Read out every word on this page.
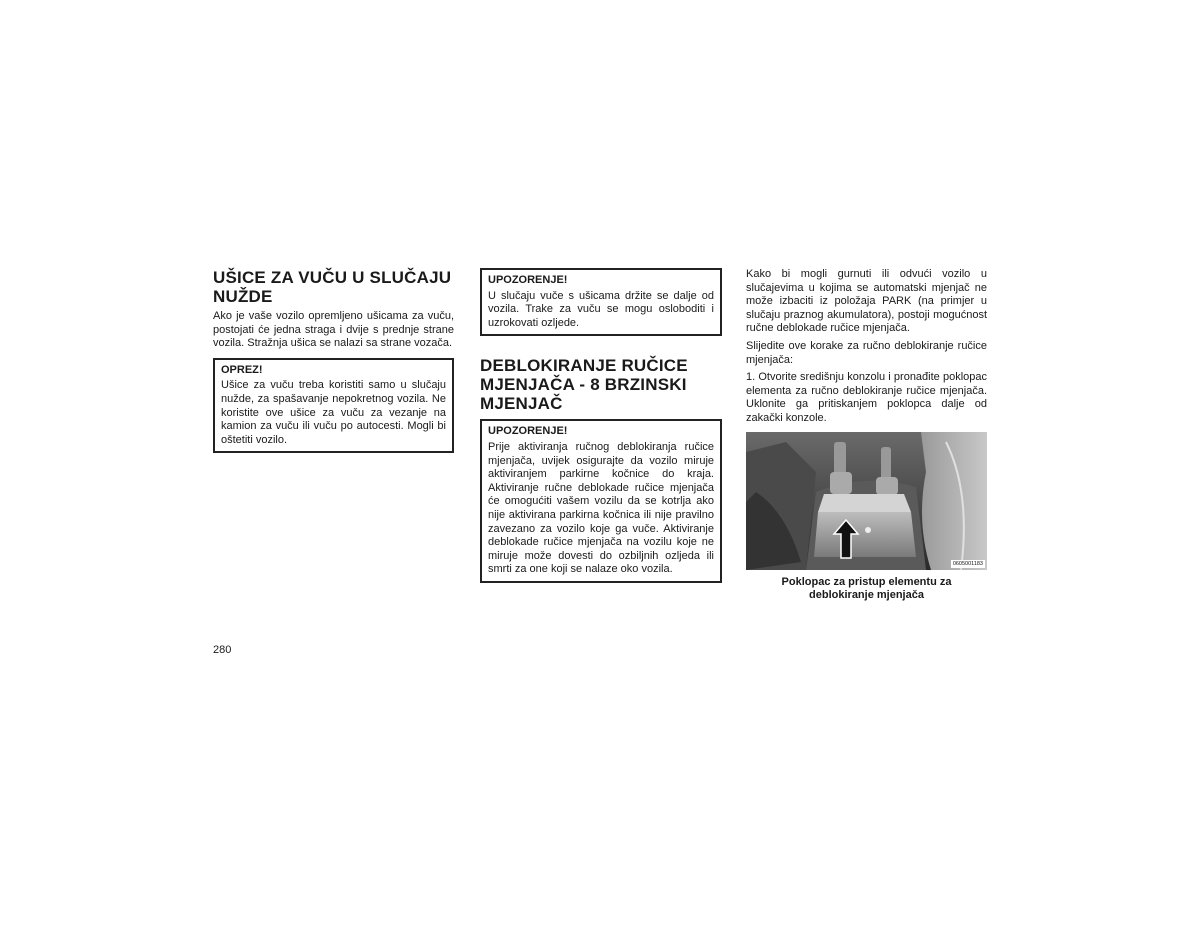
UŠICE ZA VUČU U SLUČAJU NUŽDE

Ako je vaše vozilo opremljeno ušicama za vuču, postojati će jedna straga i dvije s prednje strane vozila. Stražnja ušica se nalazi sa strane vozača.

OPREZ!

Ušice za vuču treba koristiti samo u slučaju nužde, za spašavanje nepokretnog vozila. Ne koristite ove ušice za vuču za vezanje na kamion za vuču ili vuču po autocesti. Mogli bi oštetiti vozilo.

UPOZORENJE!

U slučaju vuče s ušicama držite se dalje od vozila. Trake za vuču se mogu osloboditi i uzrokovati ozljede.

DEBLOKIRANJE RUČICE MJENJAČA - 8 BRZINSKI MJENJAČ
UPOZORENJE!

Prije aktiviranja ručnog deblokiranja ručice mjenjača, uvijek osigurajte da vozilo miruje aktiviranjem parkirne kočnice do kraja. Aktiviranje ručne deblokade ručice mjenjača će omogućiti vašem vozilu da se kotrlja ako nije aktivirana parkirna kočnica ili nije pravilno zavezano za vozilo koje ga vuče. Aktiviranje deblokade ručice mjenjača na vozilu koje ne miruje može dovesti do ozbiljnih ozljeda ili smrti za one koji se nalaze oko vozila.

Kako bi mogli gurnuti ili odvući vozilo u slučajevima u kojima se automatski mjenjač ne može izbaciti iz položaja PARK (na primjer u slučaju praznog akumulatora), postoji mogućnost ručne deblokade ručice mjenjača.

Slijedite ove korake za ručno deblokiranje ručice mjenjača:

1. Otvorite središnju konzolu i pronađite poklopac elementa za ručno deblokiranje ručice mjenjača. Uklonite ga pritiskanjem poklopca dalje od zakački konzole.

0605001183
Poklopac za pristup elementu za
deblokiranje mjenjača
280
